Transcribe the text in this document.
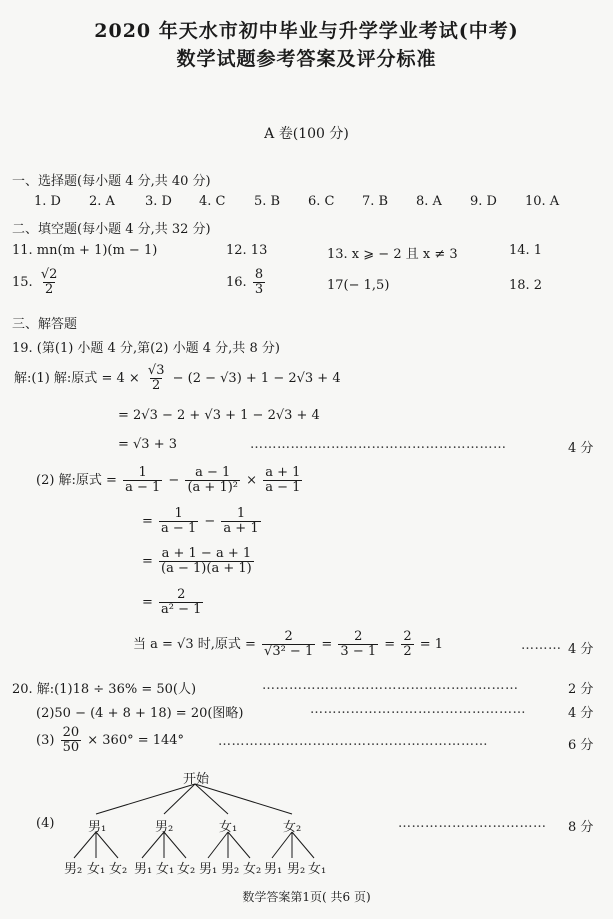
2020 年天水市初中毕业与升学学业考试(中考)
数学试题参考答案及评分标准
A 卷(100 分)
一、选择题(每小题 4 分,共 40 分)
1. D 2. A 3. D 4. C 5. B 6. C 7. B 8. A 9. D 10. A
二、填空题(每小题 4 分,共 32 分)
11. mn(m + 1)(m − 1)	12. 13	13. x ⩾ − 2 且 x ≠ 3	14. 1
15. $\frac{√2}{2}$	16. $\frac{8}{3}$	17(− 1,5)	18. 2
三、解答题
19. (第(1) 小题 4 分,第(2) 小题 4 分,共 8 分)
解:(1) 解:原式 = $4 \times \frac{√3}{2} - (2 - √3) + 1 - 2√3 + 4$
= 2√3 − 2 + √3 + 1 − 2√3 + 4
= √3 + 3	…………………………………………………	4 分
(2) 解:原式 = $\frac{1}{a - 1} - \frac{a - 1}{\text{(a + 1)²}} \times \frac{a + 1}{a - 1}$
= $\frac{1}{a - 1} - \frac{1}{a + 1}$
= $\frac{a + 1 - a + 1}{(a - 1)(a + 1)}$
= $\frac{2}{\text{a² − 1}}$
当 a = √3 时,原式 = $\frac{2}{\text{√3² − 1}} = \frac{2}{3 - 1} = \frac{2}{2} = 1$	……… 4 分
20. 解:(1)18 ÷ 36% = 50(人)	…………………………………………………	2 分
(2)50 − (4 + 8 + 18) = 20(图略)	…………………………………………	4 分
$(3) \frac{20}{50} \times 360^\circ = 144^\circ$	……………………………………………………	6 分
开始
(4)	男₁	男₂	女₁	女₂	…………………………… 8 分
男₂ 女₁ 女₂ 男₁ 女₁ 女₂ 男₁ 男₂ 女₂ 男₁ 男₂ 女₁
数学答案第1页( 共6 页)
